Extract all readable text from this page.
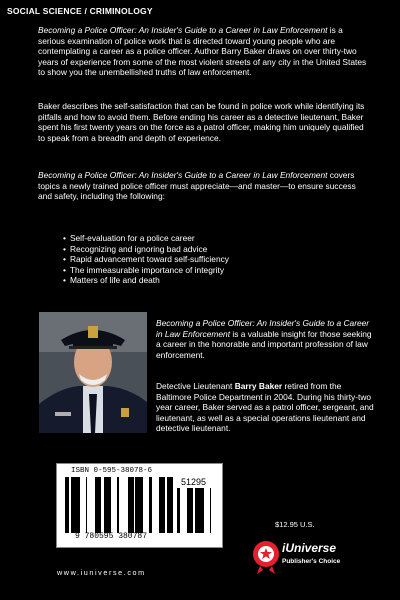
SOCIAL SCIENCE / CRIMINOLOGY
Becoming a Police Officer: An Insider's Guide to a Career in Law Enforcement is a serious examination of police work that is directed toward young people who are contemplating a career as a police officer. Author Barry Baker draws on over thirty-two years of experience from some of the most violent streets of any city in the United States to show you the unembellished truths of law enforcement.
Baker describes the self-satisfaction that can be found in police work while identifying its pitfalls and how to avoid them. Before ending his career as a detective lieutenant, Baker spent his first twenty years on the force as a patrol officer, making him uniquely qualified to speak from a breadth and depth of experience.
Becoming a Police Officer: An Insider's Guide to a Career in Law Enforcement covers topics a newly trained police officer must appreciate—and master—to ensure success and safety, including the following:
• Self-evaluation for a police career
• Recognizing and ignoring bad advice
• Rapid advancement toward self-sufficiency
• The immeasurable importance of integrity
• Matters of life and death
Becoming a Police Officer: An Insider's Guide to a Career in Law Enforcement is a valuable insight for those seeking a career in the honorable and important profession of law enforcement.
Detective Lieutenant Barry Baker retired from the Baltimore Police Department in 2004. During his thirty-two year career, Baker served as a patrol officer, sergeant, and lieutenant, as well as a special operations lieutenant and detective lieutenant.
ISBN 0-595-38078-6
51295
9 780595 380787
$12.95 U.S.
iUniverse
Publisher's Choice
www.iuniverse.com
